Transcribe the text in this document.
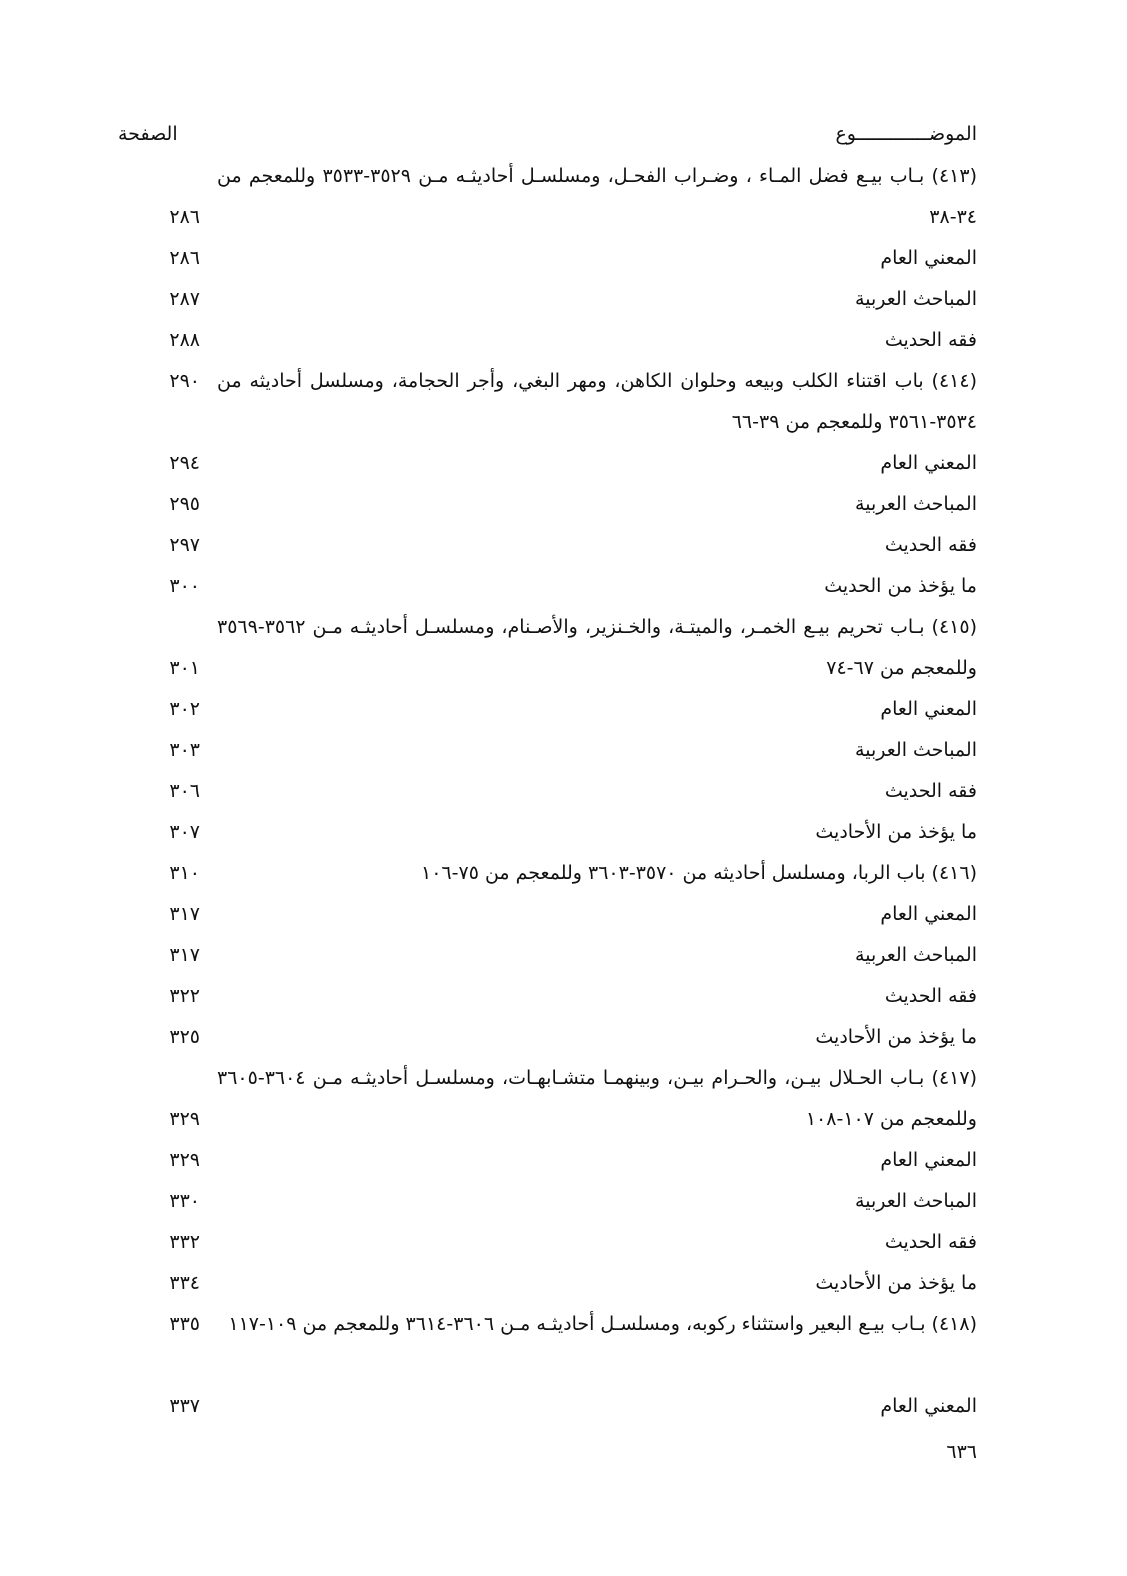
الموضـــــــــــــوع
الصفحة
(٤١٣) بـاب بيـع فضل المـاء ، وضـراب الفحـل، ومسلسـل أحاديثـه مـن ٣٥٢٩-٣٥٣٣ وللمعجم من ٣٤-٣٨
٢٨٦
المعني العام
٢٨٦
المباحث العربية
٢٨٧
فقه الحديث
٢٨٨
(٤١٤) باب اقتناء الكلب وبيعه وحلوان الكاهن، ومهر البغي، وأجر الحجامة، ومسلسل أحاديثه من ٣٥٣٤-٣٥٦١ وللمعجم من ٣٩-٦٦
٢٩٠
المعني العام
٢٩٤
المباحث العربية
٢٩٥
فقه الحديث
٢٩٧
ما يؤخذ من الحديث
٣٠٠
(٤١٥) بـاب تحريم بيـع الخمـر، والميتـة، والخـنزير، والأصـنام، ومسلسـل أحاديثـه مـن ٣٥٦٢-٣٥٦٩ وللمعجم من ٦٧-٧٤
٣٠١
المعني العام
٣٠٢
المباحث العربية
٣٠٣
فقه الحديث
٣٠٦
ما يؤخذ من الأحاديث
٣٠٧
(٤١٦) باب الربا، ومسلسل أحاديثه من ٣٥٧٠-٣٦٠٣ وللمعجم من ٧٥-١٠٦
٣١٠
المعني العام
٣١٧
المباحث العربية
٣١٧
فقه الحديث
٣٢٢
ما يؤخذ من الأحاديث
٣٢٥
(٤١٧) بـاب الحـلال بيـن، والحـرام بيـن، وبينهمـا متشـابهـات، ومسلسـل أحاديثـه مـن ٣٦٠٤-٣٦٠٥ وللمعجم من ١٠٧-١٠٨
٣٢٩
المعني العام
٣٢٩
المباحث العربية
٣٣٠
فقه الحديث
٣٣٢
ما يؤخذ من الأحاديث
٣٣٤
(٤١٨) بـاب بيـع البعير واستثناء ركوبه، ومسلسـل أحاديثـه مـن ٣٦٠٦-٣٦١٤ وللمعجم من ١٠٩-١١٧
٣٣٥
المعني العام
٣٣٧
٦٣٦
